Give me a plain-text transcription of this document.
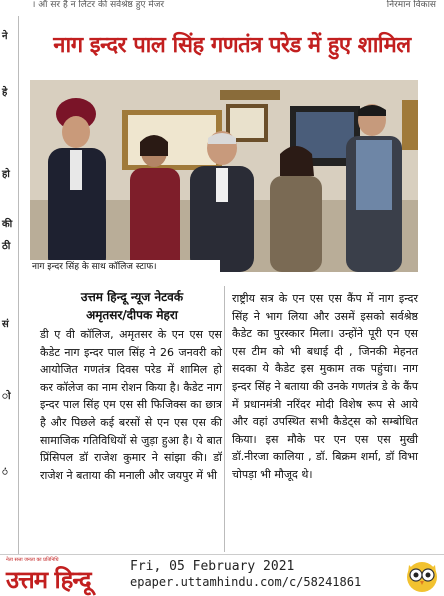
। ऑ सर है न लिटर की सर्वश्रेष्ठ हुए मेजर	निरमान विकास
ने
हे
हो
की
ठी
सं
ो
ं
नाग इन्दर पाल सिंह गणतंत्र परेड में हुए शामिल
नाग इन्दर सिंह के साथ कॉलिज स्टाफ।
उत्तम हिन्दू न्यूज नेटवर्क
अमृतसर/दीपक मेहरा

डी ए वी कॉलिज, अमृतसर के एन एस एस कैडेट नाग इन्दर पाल सिंह ने 26 जनवरी को आयोजित गणतंत्र दिवस परेड में शामिल हो कर कॉलेज का नाम रोशन किया है। कैडेट नाग इन्दर पाल सिंह एम एस सी फिजिक्स का छात्र है और पिछले कई बरसों से एन एस एस की सामाजिक गतिविधियों से जुड़ा हुआ है। ये बात प्रिंसिपल डॉ राजेश कुमार ने सांझा की। डॉ राजेश ने बताया की मनाली और जयपुर में भी

राष्ट्रीय सत्र के एन एस एस कैंप में नाग इन्दर सिंह ने भाग लिया और उसमें इसको सर्वश्रेष्ठ कैडेट का पुरस्कार मिला। उन्होंने पूरी एन एस एस टीम को भी बधाई दी , जिनकी मेहनत सदका ये कैडेट इस मुकाम तक पहुंचा। नाग इन्दर सिंह ने बताया की उनके गणतंत्र डे के कैंप में प्रधानमंत्री नरिंदर मोदी विशेष रूप से आये और वहां उपस्थित सभी कैडेट्स को सम्बोधित किया। इस मौके पर एन एस एस मुखी डॉ.नीरजा कालिया , डॉ. बिक्रम शर्मा, डॉ विभा चोपड़ा भी मौजूद थे।

नेता सत्ता जनता का प्रतिनिधि
उत्तम हिन्दू	Fri, 05 February 2021
epaper.uttamhindu.com/c/58241861
